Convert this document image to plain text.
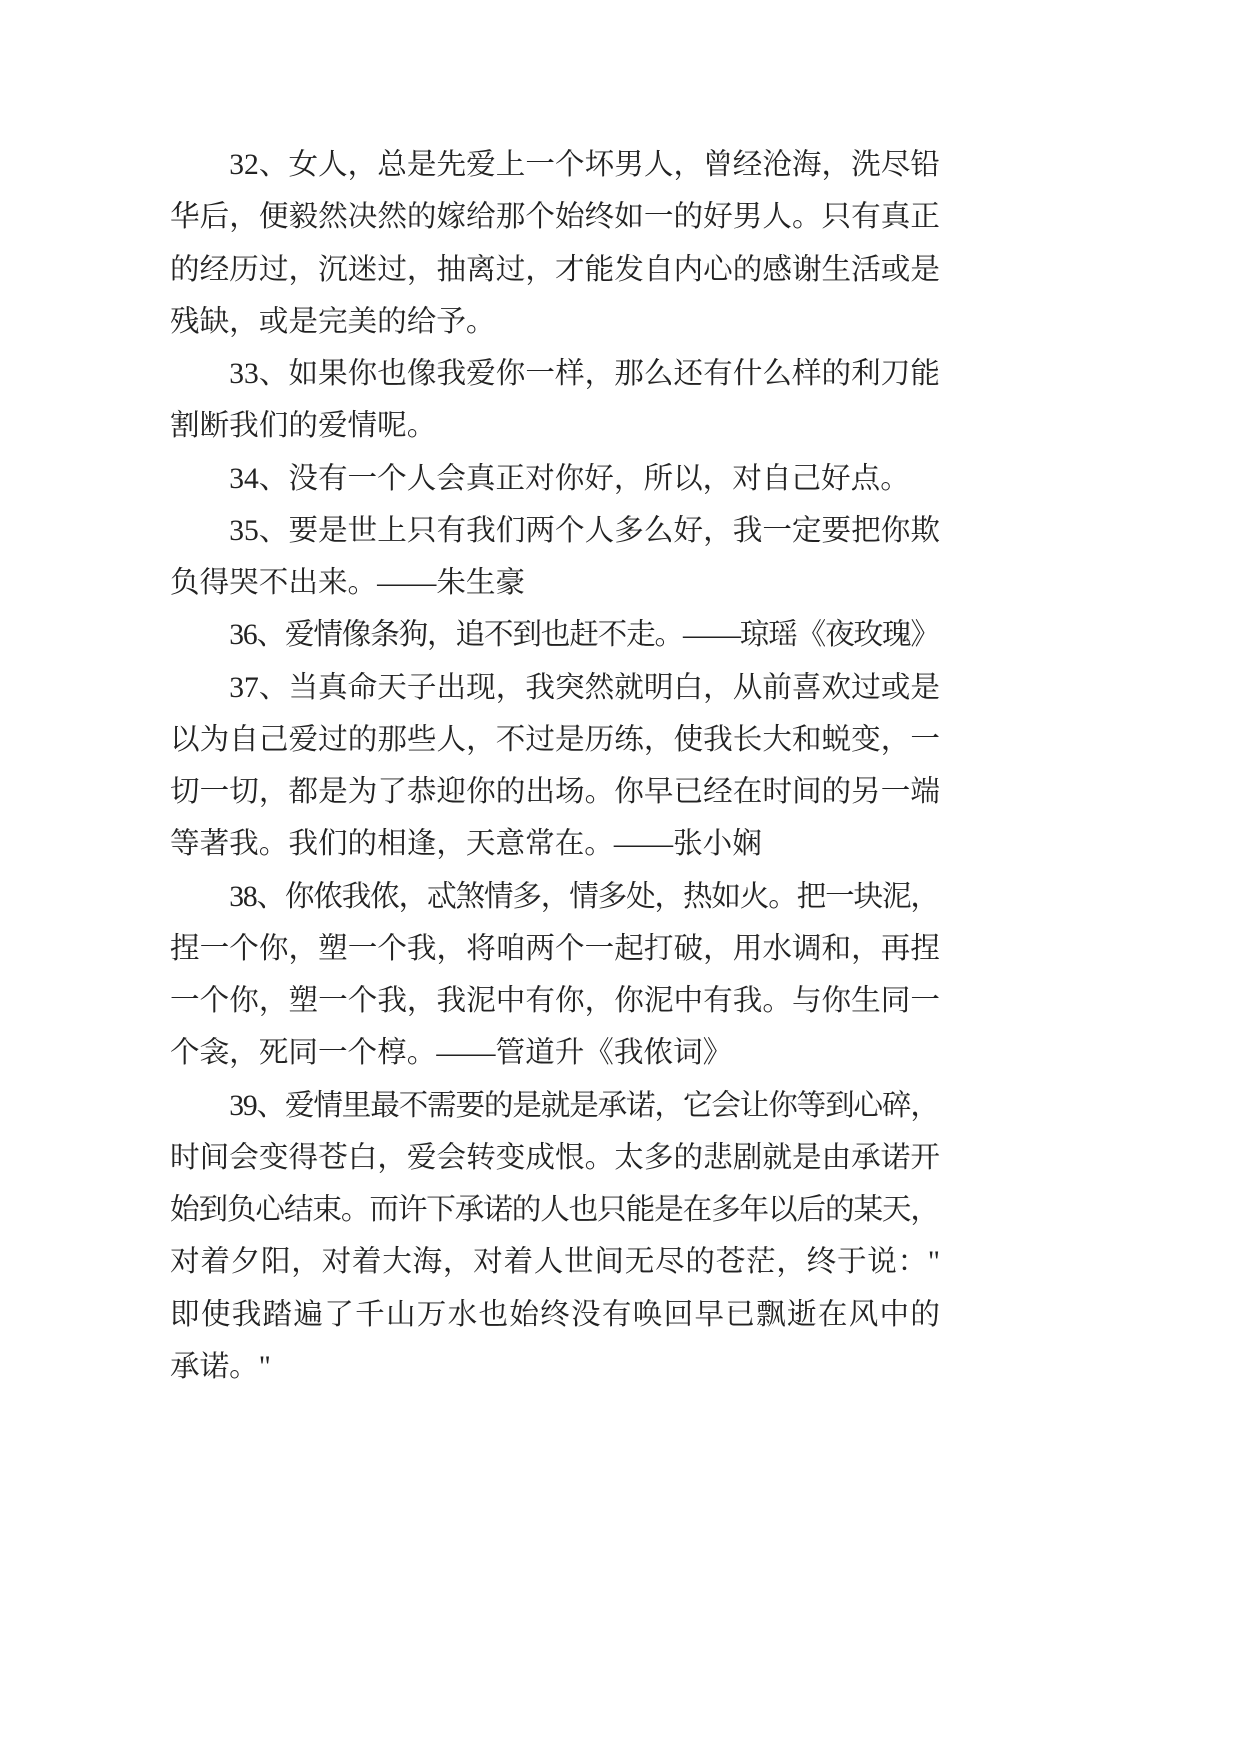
32、女人，总是先爱上一个坏男人，曾经沧海，洗尽铅
华后，便毅然决然的嫁给那个始终如一的好男人。只有真正
的经历过，沉迷过，抽离过，才能发自内心的感谢生活或是
残缺，或是完美的给予。
33、如果你也像我爱你一样，那么还有什么样的利刀能
割断我们的爱情呢。
34、没有一个人会真正对你好，所以，对自己好点。
35、要是世上只有我们两个人多么好，我一定要把你欺
负得哭不出来。——朱生豪
36、爱情像条狗，追不到也赶不走。——琼瑶《夜玫瑰》
37、当真命天子出现，我突然就明白，从前喜欢过或是
以为自己爱过的那些人，不过是历练，使我长大和蜕变，一
切一切，都是为了恭迎你的出场。你早已经在时间的另一端
等著我。我们的相逢，天意常在。——张小娴
38、你侬我侬，忒煞情多，情多处，热如火。把一块泥，
捏一个你，塑一个我，将咱两个一起打破，用水调和，再捏
一个你，塑一个我，我泥中有你，你泥中有我。与你生同一
个衾，死同一个椁。——管道升《我侬词》
39、爱情里最不需要的是就是承诺，它会让你等到心碎，
时间会变得苍白，爱会转变成恨。太多的悲剧就是由承诺开
始到负心结束。而许下承诺的人也只能是在多年以后的某天，
对着夕阳，对着大海，对着人世间无尽的苍茫，终于说："
即使我踏遍了千山万水也始终没有唤回早已飘逝在风中的
承诺。"
